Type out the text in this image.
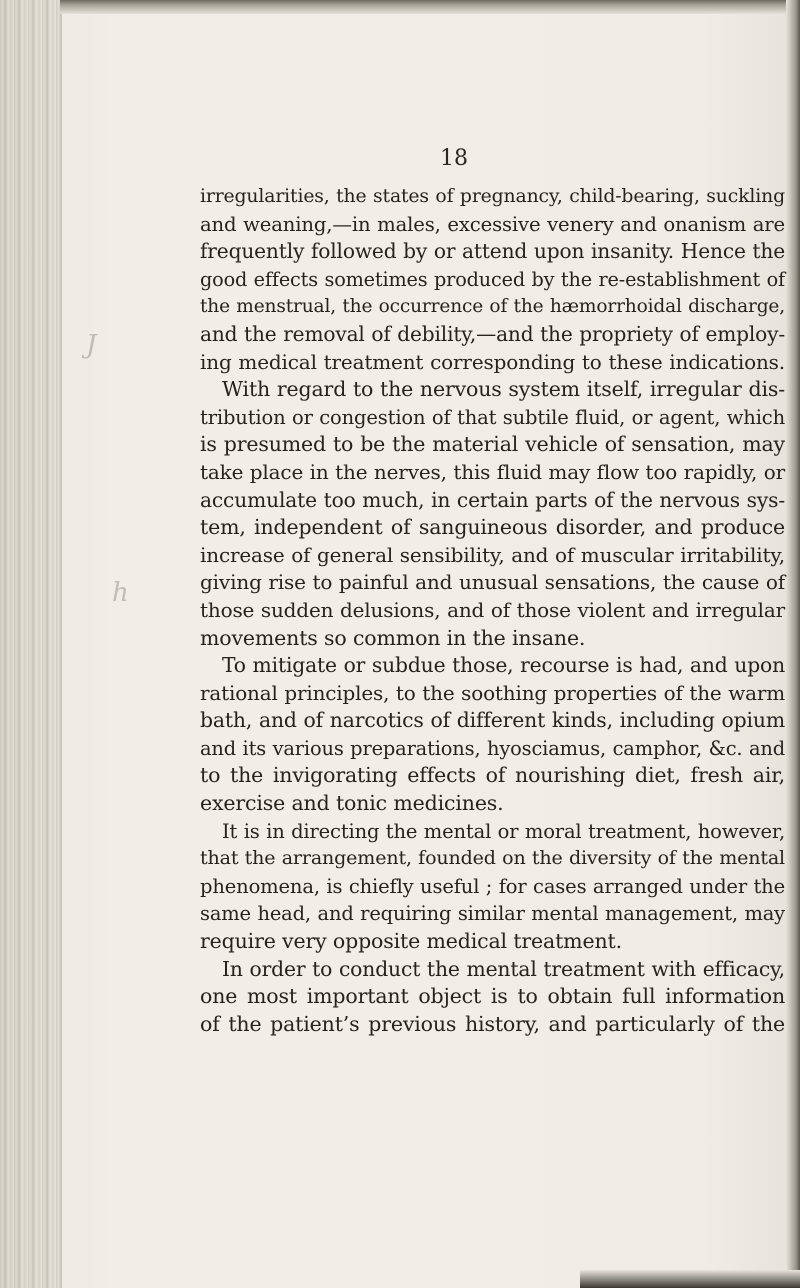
J
h
18
irregularities, the states of pregnancy, child-bearing, suckling
and weaning,—in males, excessive venery and onanism are
frequently followed by or attend upon insanity. Hence the
good effects sometimes produced by the re-establishment of
the menstrual, the occurrence of the hæmorrhoidal discharge,
and the removal of debility,—and the propriety of employ-
ing medical treatment corresponding to these indications.
With regard to the nervous system itself, irregular dis-
tribution or congestion of that subtile fluid, or agent, which
is presumed to be the material vehicle of sensation, may
take place in the nerves, this fluid may flow too rapidly, or
accumulate too much, in certain parts of the nervous sys-
tem, independent of sanguineous disorder, and produce
increase of general sensibility, and of muscular irritability,
giving rise to painful and unusual sensations, the cause of
those sudden delusions, and of those violent and irregular
movements so common in the insane.
To mitigate or subdue those, recourse is had, and upon
rational principles, to the soothing properties of the warm
bath, and of narcotics of different kinds, including opium
and its various preparations, hyosciamus, camphor, &c. and
to the invigorating effects of nourishing diet, fresh air,
exercise and tonic medicines.
It is in directing the mental or moral treatment, however,
that the arrangement, founded on the diversity of the mental
phenomena, is chiefly useful ; for cases arranged under the
same head, and requiring similar mental management, may
require very opposite medical treatment.
In order to conduct the mental treatment with efficacy,
one most important object is to obtain full information
of the patient’s previous history, and particularly of the
